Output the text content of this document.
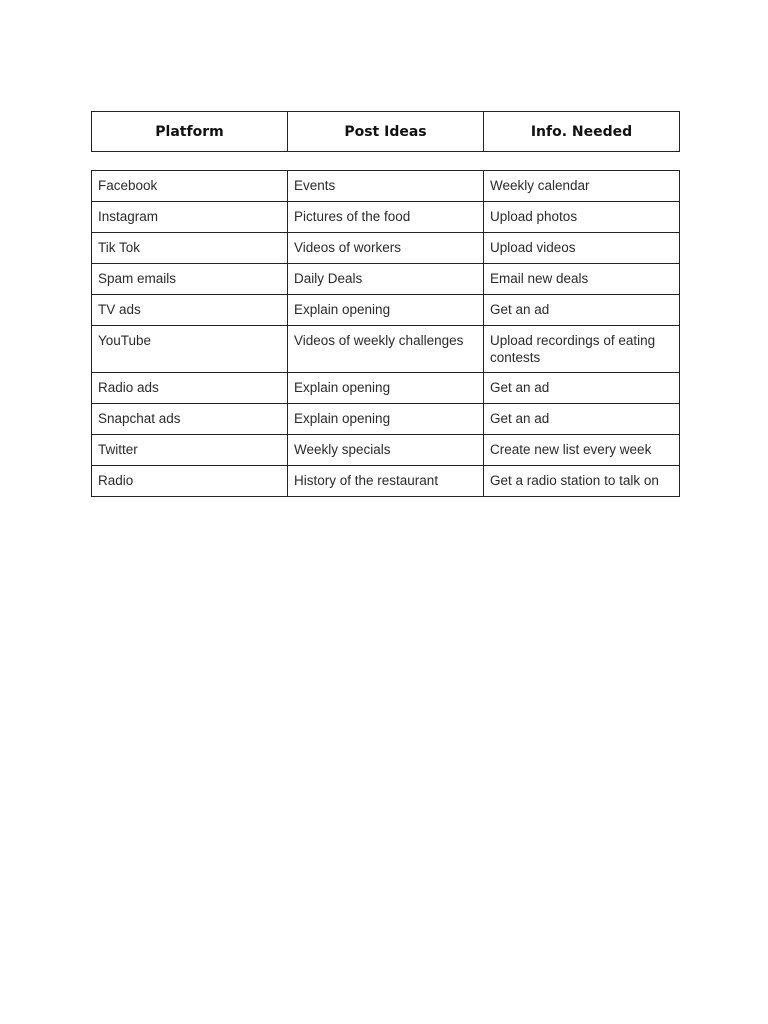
Platform	Post Ideas	Info. Needed
Facebook	Events	Weekly calendar
Instagram	Pictures of the food	Upload photos
Tik Tok	Videos of workers	Upload videos
Spam emails	Daily Deals	Email new deals
TV ads	Explain opening	Get an ad
YouTube	Videos of weekly challenges	Upload recordings of eating contests
Radio ads	Explain opening	Get an ad
Snapchat ads	Explain opening	Get an ad
Twitter	Weekly specials	Create new list every week
Radio	History of the restaurant	Get a radio station to talk on
